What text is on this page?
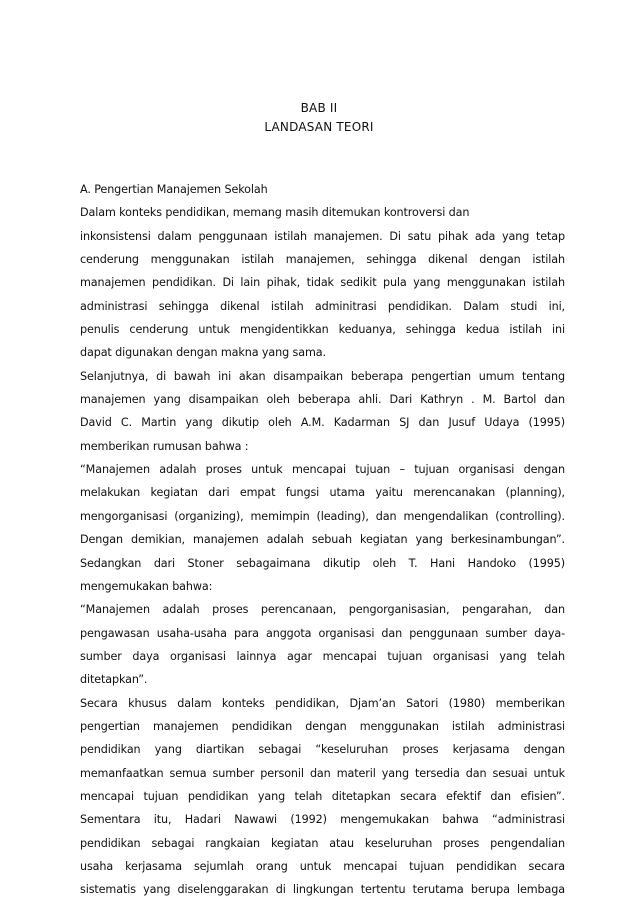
BAB II
LANDASAN TEORI
A. Pengertian Manajemen Sekolah
Dalam konteks pendidikan, memang masih ditemukan kontroversi dan
inkonsistensi dalam penggunaan istilah manajemen. Di satu pihak ada yang tetap
cenderung menggunakan istilah manajemen, sehingga dikenal dengan istilah
manajemen pendidikan. Di lain pihak, tidak sedikit pula yang menggunakan istilah
administrasi sehingga dikenal istilah adminitrasi pendidikan. Dalam studi ini,
penulis cenderung untuk mengidentikkan keduanya, sehingga kedua istilah ini
dapat digunakan dengan makna yang sama.
Selanjutnya, di bawah ini akan disampaikan beberapa pengertian umum tentang
manajemen yang disampaikan oleh beberapa ahli. Dari Kathryn . M. Bartol dan
David C. Martin yang dikutip oleh A.M. Kadarman SJ dan Jusuf Udaya (1995)
memberikan rumusan bahwa :
“Manajemen adalah proses untuk mencapai tujuan – tujuan organisasi dengan
melakukan kegiatan dari empat fungsi utama yaitu merencanakan (planning),
mengorganisasi (organizing), memimpin (leading), dan mengendalikan (controlling).
Dengan demikian, manajemen adalah sebuah kegiatan yang berkesinambungan”.
Sedangkan dari Stoner sebagaimana dikutip oleh T. Hani Handoko (1995)
mengemukakan bahwa:
“Manajemen adalah proses perencanaan, pengorganisasian, pengarahan, dan
pengawasan usaha-usaha para anggota organisasi dan penggunaan sumber daya-
sumber daya organisasi lainnya agar mencapai tujuan organisasi yang telah
ditetapkan”.
Secara khusus dalam konteks pendidikan, Djam’an Satori (1980) memberikan
pengertian manajemen pendidikan dengan menggunakan istilah administrasi
pendidikan yang diartikan sebagai “keseluruhan proses kerjasama dengan
memanfaatkan semua sumber personil dan materil yang tersedia dan sesuai untuk
mencapai tujuan pendidikan yang telah ditetapkan secara efektif dan efisien”.
Sementara itu, Hadari Nawawi (1992) mengemukakan bahwa “administrasi
pendidikan sebagai rangkaian kegiatan atau keseluruhan proses pengendalian
usaha kerjasama sejumlah orang untuk mencapai tujuan pendidikan secara
sistematis yang diselenggarakan di lingkungan tertentu terutama berupa lembaga
